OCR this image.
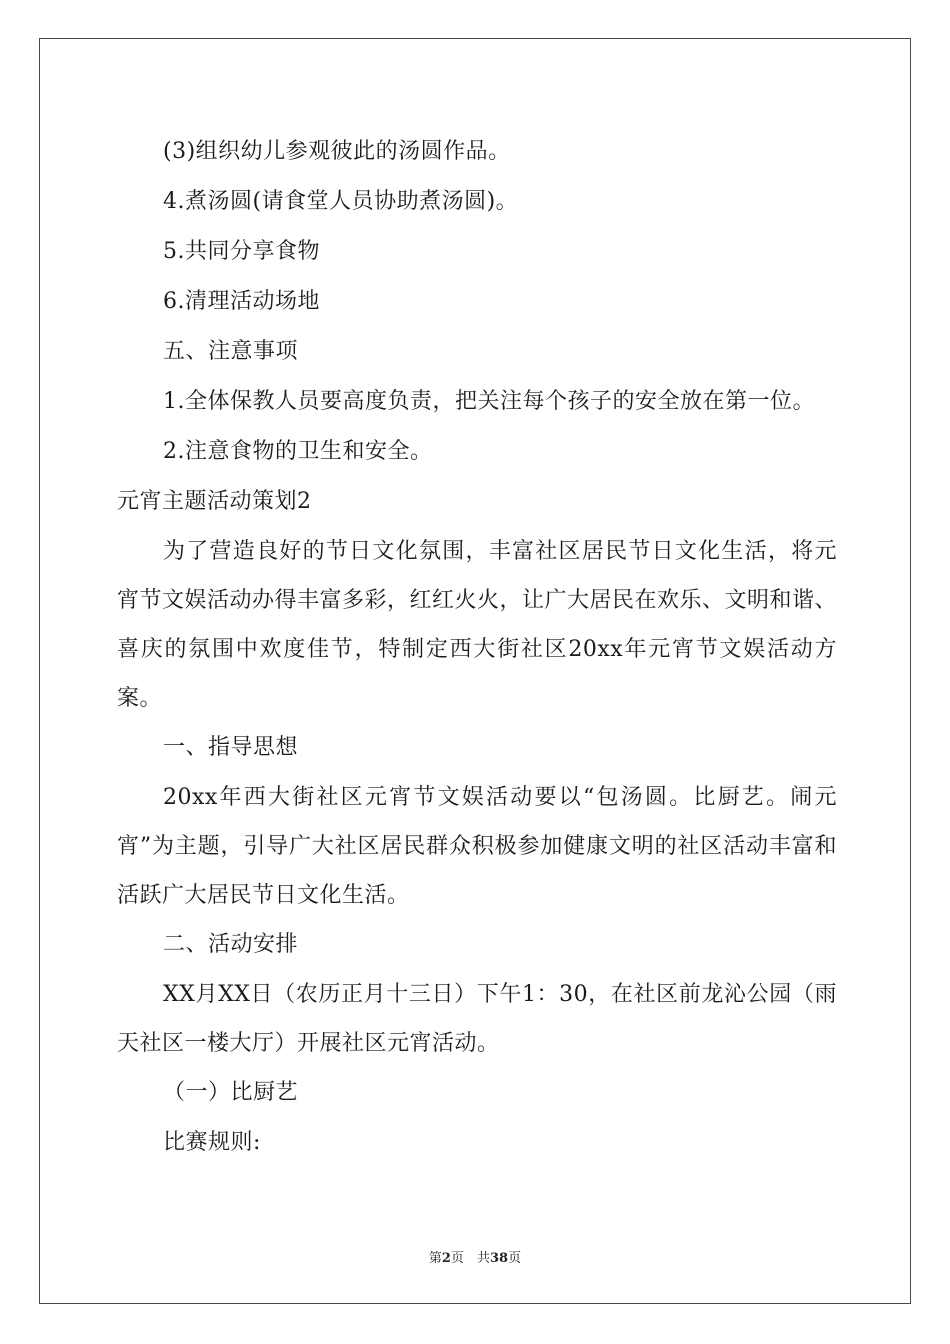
(3)组织幼儿参观彼此的汤圆作品。
4.煮汤圆(请食堂人员协助煮汤圆)。
5.共同分享食物
6.清理活动场地
五、注意事项
1.全体保教人员要高度负责，把关注每个孩子的安全放在第一位。
2.注意食物的卫生和安全。
元宵主题活动策划2

为了营造良好的节日文化氛围，丰富社区居民节日文化生活，将元宵节文娱活动办得丰富多彩，红红火火，让广大居民在欢乐、文明和谐、喜庆的氛围中欢度佳节，特制定西大街社区20xx年元宵节文娱活动方案。

一、指导思想

20xx年西大街社区元宵节文娱活动要以“包汤圆。比厨艺。闹元宵”为主题，引导广大社区居民群众积极参加健康文明的社区活动丰富和活跃广大居民节日文化生活。

二、活动安排

XX月XX日（农历正月十三日）下午1：30，在社区前龙沁公园（雨天社区一楼大厅）开展社区元宵活动。

（一）比厨艺
比赛规则:
第2页　共38页
